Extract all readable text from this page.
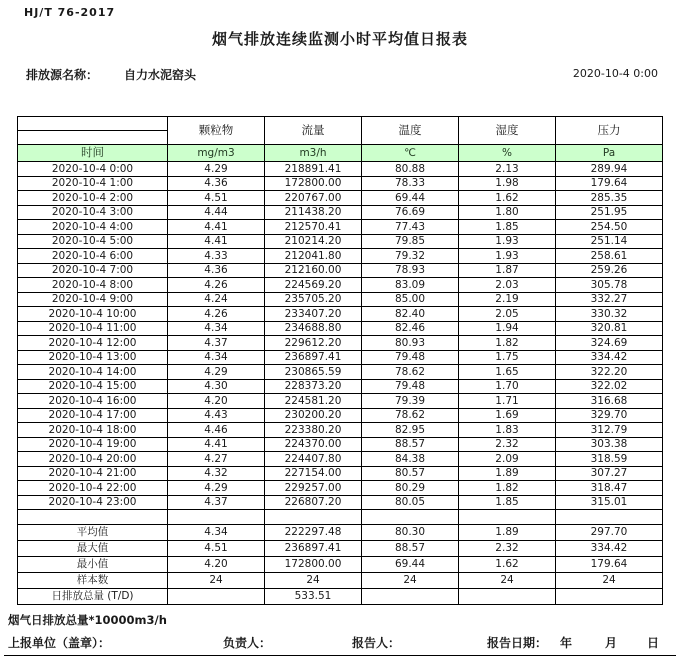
HJ/T 76-2017
烟气排放连续监测小时平均值日报表
排放源名称： 自力水泥窑头	2020-10-4 0:00
	颗粒物	流量	温度	湿度	压力

时间	mg/m3	m3/h	℃	%	Pa
2020-10-4 0:00	4.29	218891.41	80.88	2.13	289.94
2020-10-4 1:00	4.36	172800.00	78.33	1.98	179.64
2020-10-4 2:00	4.51	220767.00	69.44	1.62	285.35
2020-10-4 3:00	4.44	211438.20	76.69	1.80	251.95
2020-10-4 4:00	4.41	212570.41	77.43	1.85	254.50
2020-10-4 5:00	4.41	210214.20	79.85	1.93	251.14
2020-10-4 6:00	4.33	212041.80	79.32	1.93	258.61
2020-10-4 7:00	4.36	212160.00	78.93	1.87	259.26
2020-10-4 8:00	4.26	224569.20	83.09	2.03	305.78
2020-10-4 9:00	4.24	235705.20	85.00	2.19	332.27
2020-10-4 10:00	4.26	233407.20	82.40	2.05	330.32
2020-10-4 11:00	4.34	234688.80	82.46	1.94	320.81
2020-10-4 12:00	4.37	229612.20	80.93	1.82	324.69
2020-10-4 13:00	4.34	236897.41	79.48	1.75	334.42
2020-10-4 14:00	4.29	230865.59	78.62	1.65	322.20
2020-10-4 15:00	4.30	228373.20	79.48	1.70	322.02
2020-10-4 16:00	4.20	224581.20	79.39	1.71	316.68
2020-10-4 17:00	4.43	230200.20	78.62	1.69	329.70
2020-10-4 18:00	4.46	223380.20	82.95	1.83	312.79
2020-10-4 19:00	4.41	224370.00	88.57	2.32	303.38
2020-10-4 20:00	4.27	224407.80	84.38	2.09	318.59
2020-10-4 21:00	4.32	227154.00	80.57	1.89	307.27
2020-10-4 22:00	4.29	229257.00	80.29	1.82	318.47
2020-10-4 23:00	4.37	226807.20	80.05	1.85	315.01

平均值	4.34	222297.48	80.30	1.89	297.70
最大值	4.51	236897.41	88.57	2.32	334.42
最小值	4.20	172800.00	69.44	1.62	179.64
样本数	24	24	24	24	24
日排放总量 (T/D)		533.51			
烟气日排放总量*10000m3/h
上报单位（盖章）：	负责人：	报告人：	报告日期： 年	月 日
